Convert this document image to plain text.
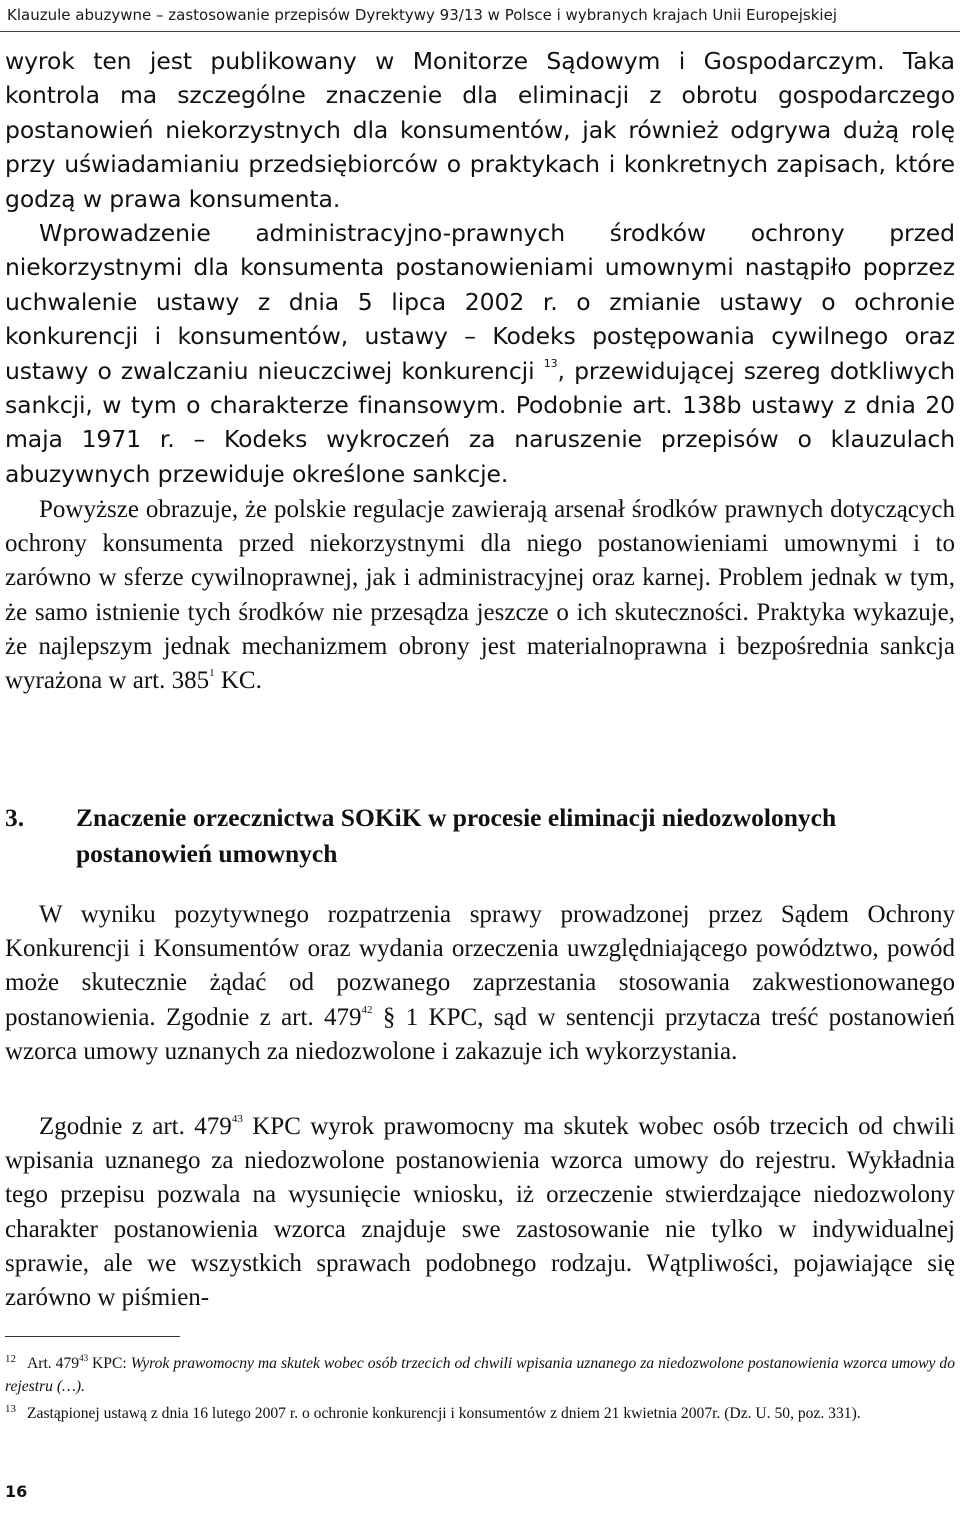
Klauzule abuzywne – zastosowanie przepisów Dyrektywy 93/13 w Polsce i wybranych krajach Unii Europejskiej

wyrok ten jest publikowany w Monitorze Sądowym i Gospodarczym. Taka kontrola ma szczególne znaczenie dla eliminacji z obrotu gospodarczego postanowień niekorzystnych dla konsumentów, jak również odgrywa dużą rolę przy uświadamianiu przedsiębiorców o praktykach i konkretnych zapisach, które godzą w prawa konsumenta.

Wprowadzenie administracyjno-prawnych środków ochrony przed niekorzystnymi dla konsumenta postanowieniami umownymi nastąpiło poprzez uchwalenie ustawy z dnia 5 lipca 2002 r. o zmianie ustawy o ochronie konkurencji i konsumentów, ustawy – Kodeks postępowania cywilnego oraz ustawy o zwalczaniu nieuczciwej konkurencji $^{13}$, przewidującej szereg dotkliwych sankcji, w tym o charakterze finansowym. Podobnie art. 138b ustawy z dnia 20 maja 1971 r. – Kodeks wykroczeń za naruszenie przepisów o klauzulach abuzywnych przewiduje określone sankcje.

Powyższe obrazuje, że polskie regulacje zawierają arsenał środków prawnych dotyczących ochrony konsumenta przed niekorzystnymi dla niego postanowieniami umownymi i to zarówno w sferze cywilnoprawnej, jak i administracyjnej oraz karnej. Problem jednak w tym, że samo istnienie tych środków nie przesądza jeszcze o ich skuteczności. Praktyka wykazuje, że najlepszym jednak mechanizmem obrony jest materialnoprawna i bezpośrednia sankcja wyrażona w art. $385^1$ KC.

3. Znaczenie orzecznictwa SOKiK w procesie eliminacji niedozwolonych postanowień umownych

W wyniku pozytywnego rozpatrzenia sprawy prowadzonej przez Sądem Ochrony Konkurencji i Konsumentów oraz wydania orzeczenia uwzględniającego powództwo, powód może skutecznie żądać od pozwanego zaprzestania stosowania zakwestionowanego postanowienia. Zgodnie z art. $479^{42}$ § 1 KPC, sąd w sentencji przytacza treść postanowień wzorca umowy uznanych za niedozwolone i zakazuje ich wykorzystania.

Zgodnie z art. $479^{43}$ KPC wyrok prawomocny ma skutek wobec osób trzecich od chwili wpisania uznanego za niedozwolone postanowienia wzorca umowy do rejestru. Wykładnia tego przepisu pozwala na wysunięcie wniosku, iż orzeczenie stwierdzające niedozwolony charakter postanowienia wzorca znajduje swe zastosowanie nie tylko w indywidualnej sprawie, ale we wszystkich sprawach podobnego rodzaju. Wątpliwości, pojawiające się zarówno w piśmien-

$^{12}$ Art. $479^{43}$ KPC: Wyrok prawomocny ma skutek wobec osób trzecich od chwili wpisania uznanego za niedozwolone postanowienia wzorca umowy do rejestru (…).

$^{13}$ Zastąpionej ustawą z dnia 16 lutego 2007 r. o ochronie konkurencji i konsumentów z dniem 21 kwietnia 2007r. (Dz. U. 50, poz. 331).

16
